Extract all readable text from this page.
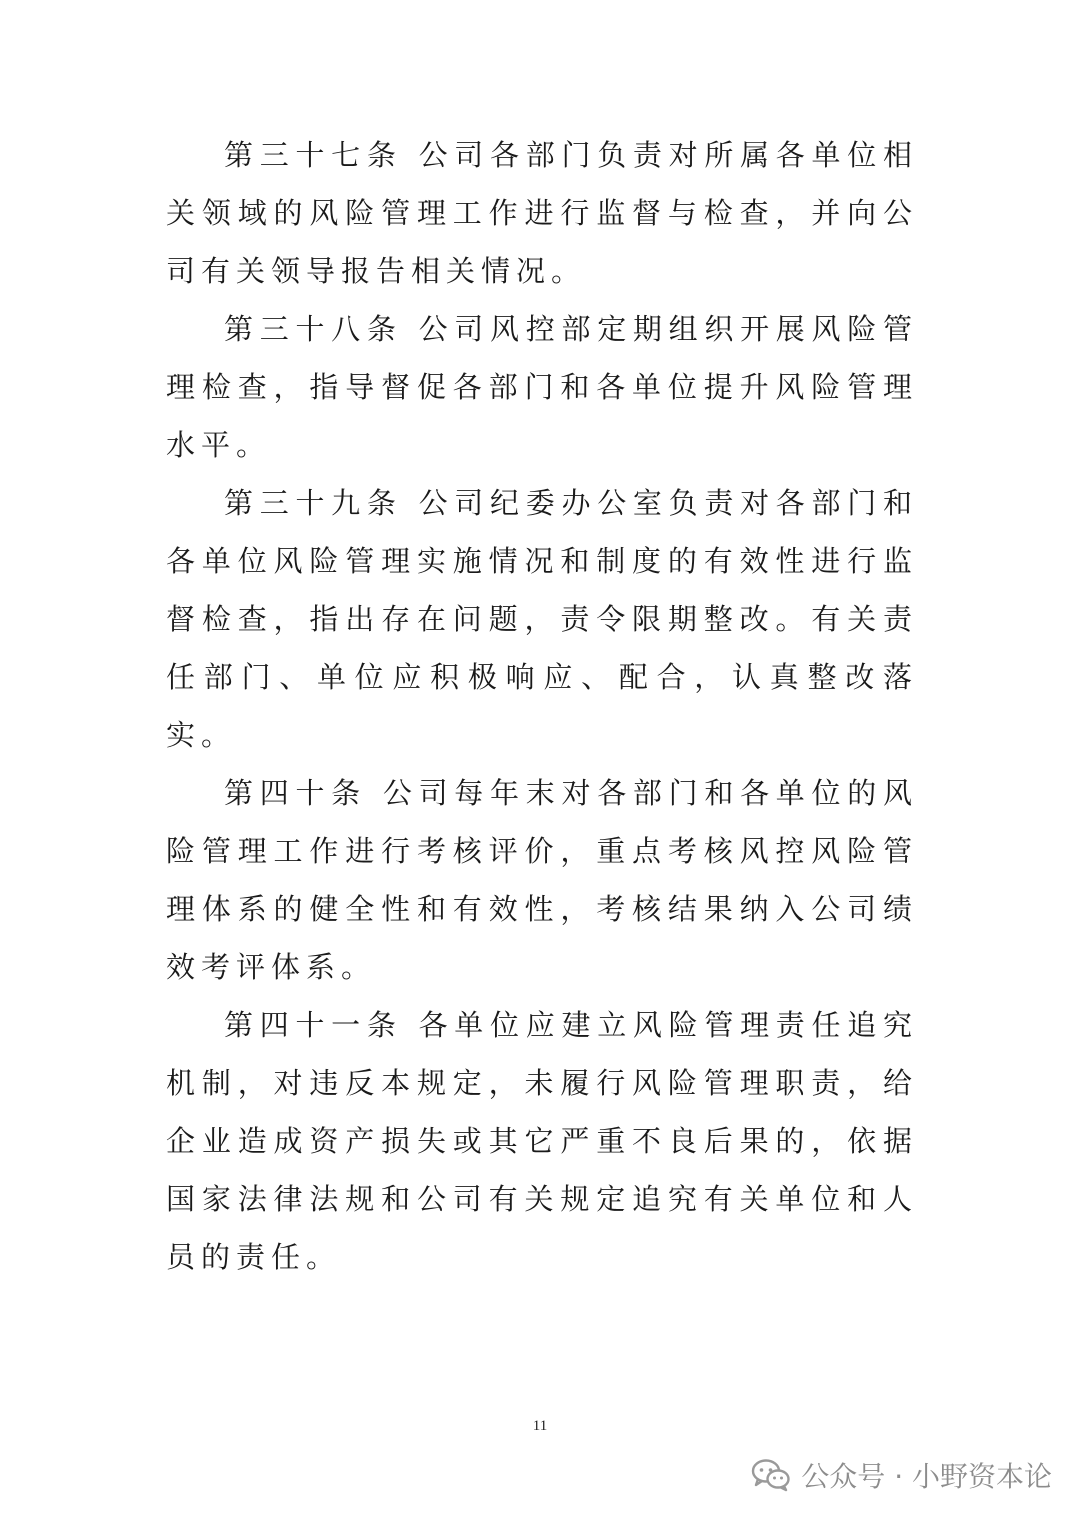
第三十七条 公司各部门负责对所属各单位相关领域的风险管理工作进行监督与检查，并向公司有关领导报告相关情况。

第三十八条 公司风控部定期组织开展风险管理检查，指导督促各部门和各单位提升风险管理水平。

第三十九条 公司纪委办公室负责对各部门和各单位风险管理实施情况和制度的有效性进行监督检查，指出存在问题，责令限期整改。有关责任部门、单位应积极响应、配合，认真整改落实。

第四十条 公司每年末对各部门和各单位的风险管理工作进行考核评价，重点考核风控风险管理体系的健全性和有效性，考核结果纳入公司绩效考评体系。

第四十一条 各单位应建立风险管理责任追究机制，对违反本规定，未履行风险管理职责，给企业造成资产损失或其它严重不良后果的，依据国家法律法规和公司有关规定追究有关单位和人员的责任。

11
公众号 · 小野资本论
